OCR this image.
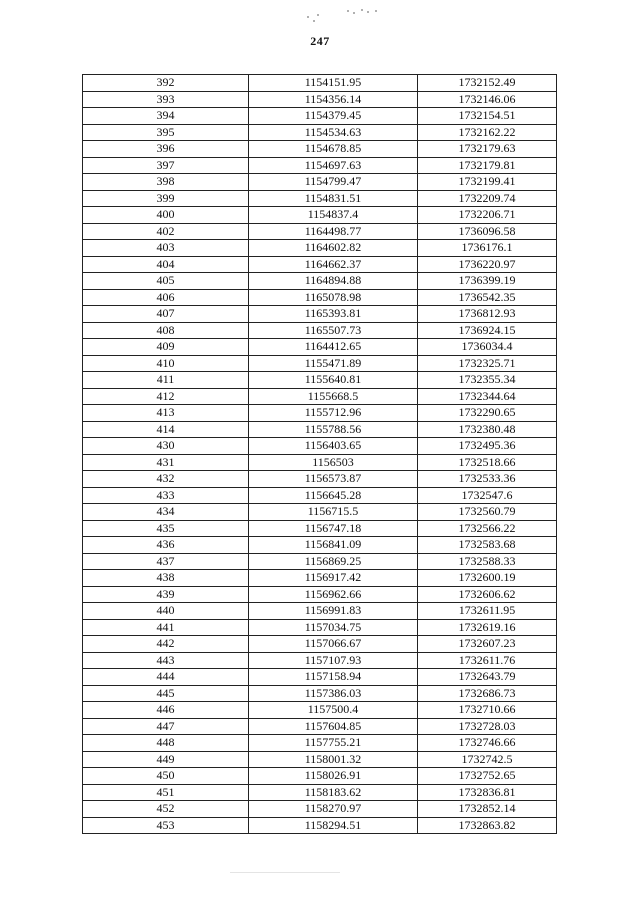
247
392	1154151.95	1732152.49
393	1154356.14	1732146.06
394	1154379.45	1732154.51
395	1154534.63	1732162.22
396	1154678.85	1732179.63
397	1154697.63	1732179.81
398	1154799.47	1732199.41
399	1154831.51	1732209.74
400	1154837.4	1732206.71
402	1164498.77	1736096.58
403	1164602.82	1736176.1
404	1164662.37	1736220.97
405	1164894.88	1736399.19
406	1165078.98	1736542.35
407	1165393.81	1736812.93
408	1165507.73	1736924.15
409	1164412.65	1736034.4
410	1155471.89	1732325.71
411	1155640.81	1732355.34
412	1155668.5	1732344.64
413	1155712.96	1732290.65
414	1155788.56	1732380.48
430	1156403.65	1732495.36
431	1156503	1732518.66
432	1156573.87	1732533.36
433	1156645.28	1732547.6
434	1156715.5	1732560.79
435	1156747.18	1732566.22
436	1156841.09	1732583.68
437	1156869.25	1732588.33
438	1156917.42	1732600.19
439	1156962.66	1732606.62
440	1156991.83	1732611.95
441	1157034.75	1732619.16
442	1157066.67	1732607.23
443	1157107.93	1732611.76
444	1157158.94	1732643.79
445	1157386.03	1732686.73
446	1157500.4	1732710.66
447	1157604.85	1732728.03
448	1157755.21	1732746.66
449	1158001.32	1732742.5
450	1158026.91	1732752.65
451	1158183.62	1732836.81
452	1158270.97	1732852.14
453	1158294.51	1732863.82
